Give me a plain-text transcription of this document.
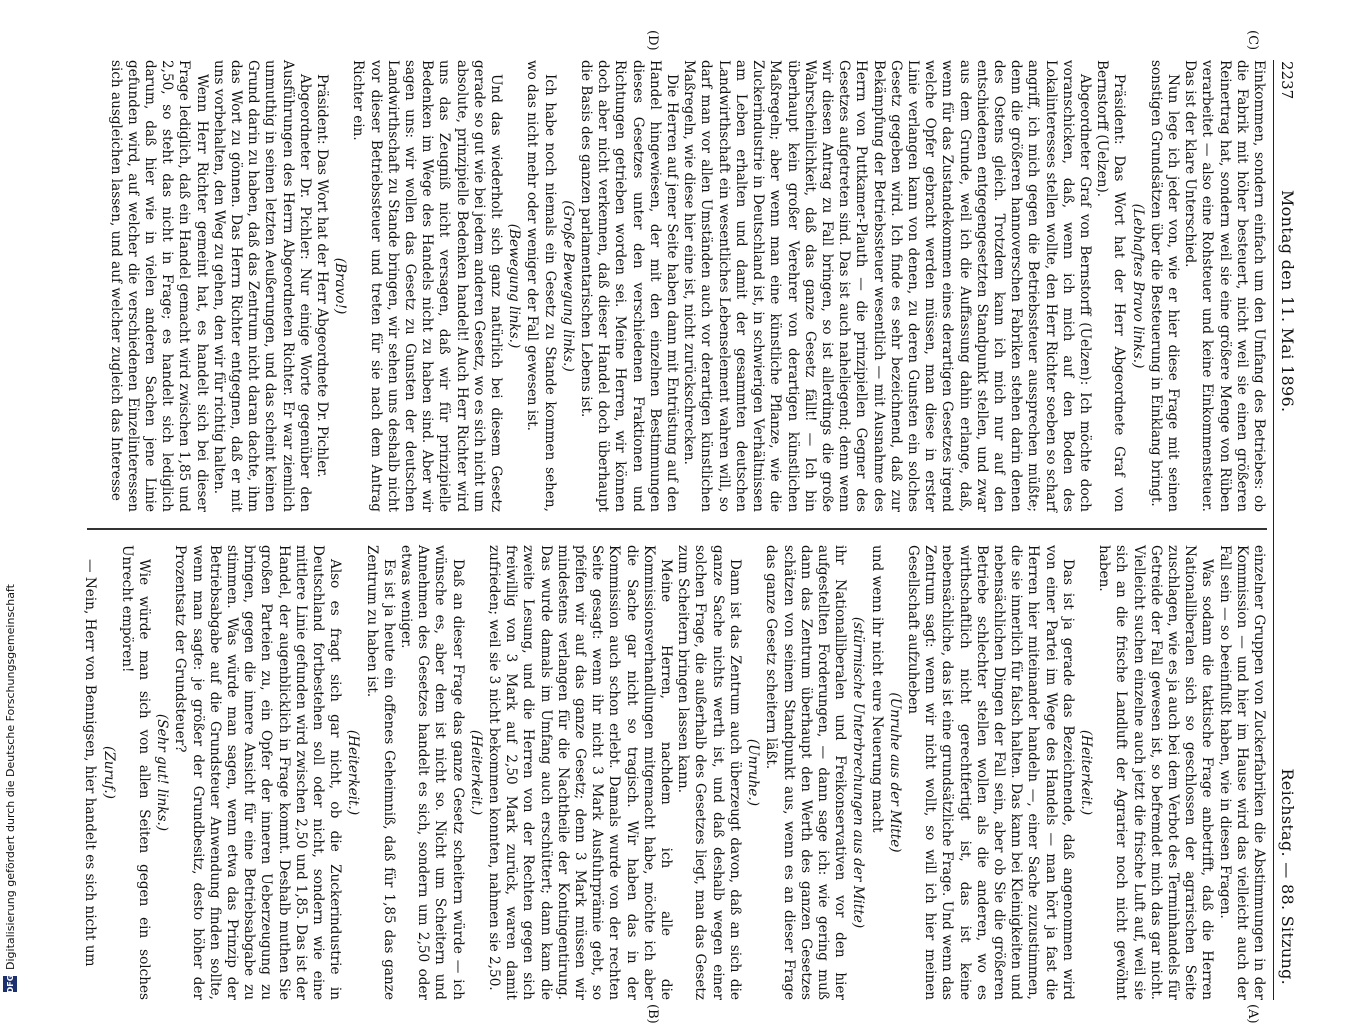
DFG
Digitalisierung gefördert durch die Deutsche Forschungsgemeinschaft
2237
Montag den 11. Mai 1896.
Reichstag. — 88. Sitzung.

Einkommen, sondern einfach um den Umfang des Betriebes: ob die Fabrik mit höher besteuert, nicht weil sie einen größeren Reinertrag hat, sondern weil sie eine größere Menge von Rüben verarbeitet — also eine Rohsteuer und keine Einkommensteuer. Das ist der klare Unterschied.

Nun lege ich jeder von, wie er hier diese Frage mit seinen sonstigen Grundsätzen über die Besteuerung in Einklang bringt.

(Lebhaftes Bravo links.)

Präsident: Das Wort hat der Herr Abgeordnete Graf von Bernstorff (Uelzen).

Abgeordneter Graf von Bernstorff (Uelzen): Ich möchte doch voranschicken, daß, wenn ich mich auf den Boden des Lokalinteresses stellen wollte, den Herr Richter soeben so scharf angriff, ich mich gegen die Betriebssteuer aussprechen müßte; denn die größeren hannoverschen Fabriken stehen darin denen des Ostens gleich. Trotzdem kann ich mich nur auf den entschiedenen entgegengesetzten Standpunkt stellen, und zwar aus dem Grunde, weil ich die Auffassung dahin erlange, daß, wenn für das Zustandekommen eines derartigen Gesetzes irgend welche Opfer gebracht werden müssen, man diese in erster Linie verlangen kann von denen, zu deren Gunsten ein solches Gesetz gegeben wird. Ich finde es sehr bezeichnend, daß zur Bekämpfung der Betriebssteuer wesentlich — mit Ausnahme des Herrn von Puttkamer-Plauth — die prinzipiellen Gegner des Gesetzes aufgetreten sind. Das ist auch naheliegend; denn wenn wir diesen Antrag zu Fall bringen, so ist allerdings die große Wahrscheinlichkeit, daß das ganze Gesetz fällt! — Ich bin überhaupt kein großer Verehrer von derartigen künstlichen Maßregeln; aber wenn man eine künstliche Pflanze, wie die Zuckerindustrie in Deutschland ist, in schwierigen Verhältnissen am Leben erhalten und damit der gesammten deutschen Landwirthschaft ein wesentliches Lebenselement wahren will, so darf man vor allen Umständen auch vor derartigen künstlichen Maßregeln, wie diese hier eine ist, nicht zurückschrecken.

Die Herren auf jener Seite haben dann mit Entrüstung auf den Handel hingewiesen, der mit den einzelnen Bestimmungen dieses Gesetzes unter den verschiedenen Fraktionen und Richtungen getrieben worden sei. Meine Herren, wir können doch aber nicht verkennen, daß dieser Handel doch überhaupt die Basis des ganzen parlamentarischen Lebens ist.

(Große Bewegung links.)

Ich habe noch niemals ein Gesetz zu Stande kommen sehen, wo das nicht mehr oder weniger der Fall gewesen ist.

(Bewegung links.)

Und das wiederholt sich ganz natürlich bei diesem Gesetz gerade so gut wie bei jedem anderen Gesetz, wo es sich nicht um absolute, prinzipielle Bedenken handelt! Auch Herr Richter wird uns das Zeugniß nicht versagen, daß wir für prinzipielle Bedenken im Wege des Handels nicht zu haben sind. Aber wir sagen uns: wir wollen das Gesetz zu Gunsten der deutschen Landwirthschaft zu Stande bringen, wir sehen uns deshalb nicht vor dieser Betriebssteuer und treten für sie nach dem Antrag Richter ein.

(Bravo!)

Präsident: Das Wort hat der Herr Abgeordnete Dr. Pichler.

Abgeordneter Dr. Pichler: Nur einige Worte gegenüber den Ausführungen des Herrn Abgeordneten Richter. Er war ziemlich unmuthig in seinen letzten Aeußerungen, und das scheint keinen Grund darin zu haben, daß das Zentrum nicht daran dachte, ihm das Wort zu gönnen. Das Herrn Richter entgegnen, daß er mit uns vorbehalten, den Weg zu gehen, den wir für richtig halten.

Wenn Herr Richter gemeint hat, es handelt sich bei dieser Frage lediglich, daß ein Handel gemacht wird zwischen 1,85 und 2,50, so steht das nicht in Frage; es handelt sich lediglich darum, daß hier wie in vielen anderen Sachen jene Linie gefunden wird, auf welcher die verschiedenen Einzelinteressen sich ausgleichen lassen, und auf welcher zugleich das Interesse

einzelner Gruppen von Zuckerfabriken die Abstimmungen in der Kommission — und hier im Hause wird das vielleicht auch der Fall sein — so beeinflußt haben, wie in diesen Fragen.

Was sodann die taktische Frage anbetrifft, daß die Herren Nationalliberalen sich so geschlossen der agrarischen Seite zuschlagen, wie es ja auch bei dem Verbot des Terminhandels für Getreide der Fall gewesen ist, so befremdet mich das gar nicht. Vielleicht suchen einzelne auch jetzt die frische Luft auf, weil sie sich an die frische Landluft der Agrarier noch nicht gewöhnt haben.

(Heiterkeit.)

Das ist ja gerade das Bezeichnende, daß angenommen wird von einer Partei im Wege des Handels — man hört ja fast die Herren hier miteinander handeln —, einer Sache zuzustimmen, die sie innerlich für falsch halten. Das kann bei Kleinigkeiten und nebensächlichen Dingen der Fall sein, aber ob Sie die größeren Betriebe schlechter stellen wollen als die anderen, wo es wirthschaftlich nicht gerechtfertigt ist, das ist keine nebensächliche, das ist eine grundsätzliche Frage. Und wenn das Zentrum sagt: wenn wir nicht wollt, so will ich hier meinen Gesellschaft aufzuheben

(Unruhe aus der Mitte)

und wenn ihr nicht eure Neuerung macht

(stürmische Unterbrechungen aus der Mitte)

ihr Nationalliberalen und Freikonservativen vor den hier aufgestellten Forderungen, — dann sage ich: wie gering muß dann das Zentrum überhaupt den Werth des ganzen Gesetzes schätzen von seinem Standpunkt aus, wenn es an dieser Frage das ganze Gesetz scheitern läßt.

(Unruhe.)

Dann ist das Zentrum auch überzeugt davon, daß an sich die ganze Sache nichts werth ist, und daß deshalb wegen einer solchen Frage, die außerhalb des Gesetzes liegt, man das Gesetz zum Scheitern bringen lassen kann.

Meine Herren, nachdem ich alle die Kommissionsverhandlungen mitgemacht habe, möchte ich aber die Sache gar nicht so tragisch. Wir haben das in der Kommission auch schon erlebt. Damals wurde von der rechten Seite gesagt: wenn ihr nicht 3 Mark Ausfuhrprämie gebt, so pfeifen wir auf das ganze Gesetz; denn 3 Mark müssen wir mindestens verlangen für die Nachtheile der Kontingentirung. Das wurde damals im Umfang auch erschüttert; dann kam die zweite Lesung, und die Herren von der Rechten gegen sich freiwillig von 3 Mark auf 2,50 Mark zurück, waren damit zufrieden; weil sie 3 nicht bekommen konnten, nahmen sie 2,50.

(Heiterkeit.)

Daß an dieser Frage das ganze Gesetz scheitern würde — ich wünsche es, aber dem ist nicht so. Nicht um Scheitern und Annehmen des Gesetzes handelt es sich, sondern um 2,50 oder etwas weniger.

Es ist ja heute ein offenes Geheimniß, daß für 1,85 das ganze Zentrum zu haben ist.

(Heiterkeit.)

Also es fragt sich gar nicht, ob die Zuckerindustrie in Deutschland fortbestehen soll oder nicht, sondern wie eine mittlere Linie gefunden wird zwischen 2,50 und 1,85. Das ist der Handel, der augenblicklich in Frage kommt. Deshalb muthen Sie großen Parteien zu, ein Opfer der inneren Ueberzeugung zu bringen, gegen die innere Ansicht für eine Betriebsabgabe zu stimmen. Was würde man sagen, wenn etwa das Prinzip der Betriebsabgabe auf die Grundsteuer Anwendung finden sollte, wenn man sagte: je größer der Grundbesitz, desto höher der Prozentsatz der Grundsteuer?

(Sehr gut! links.)

Wie würde man sich von allen Seiten gegen ein solches Unrecht empören!

(Zuruf.)

— Nein, Herr von Bennigsen, hier handelt es sich nicht um

(C)
(D)
(A)
(B)
